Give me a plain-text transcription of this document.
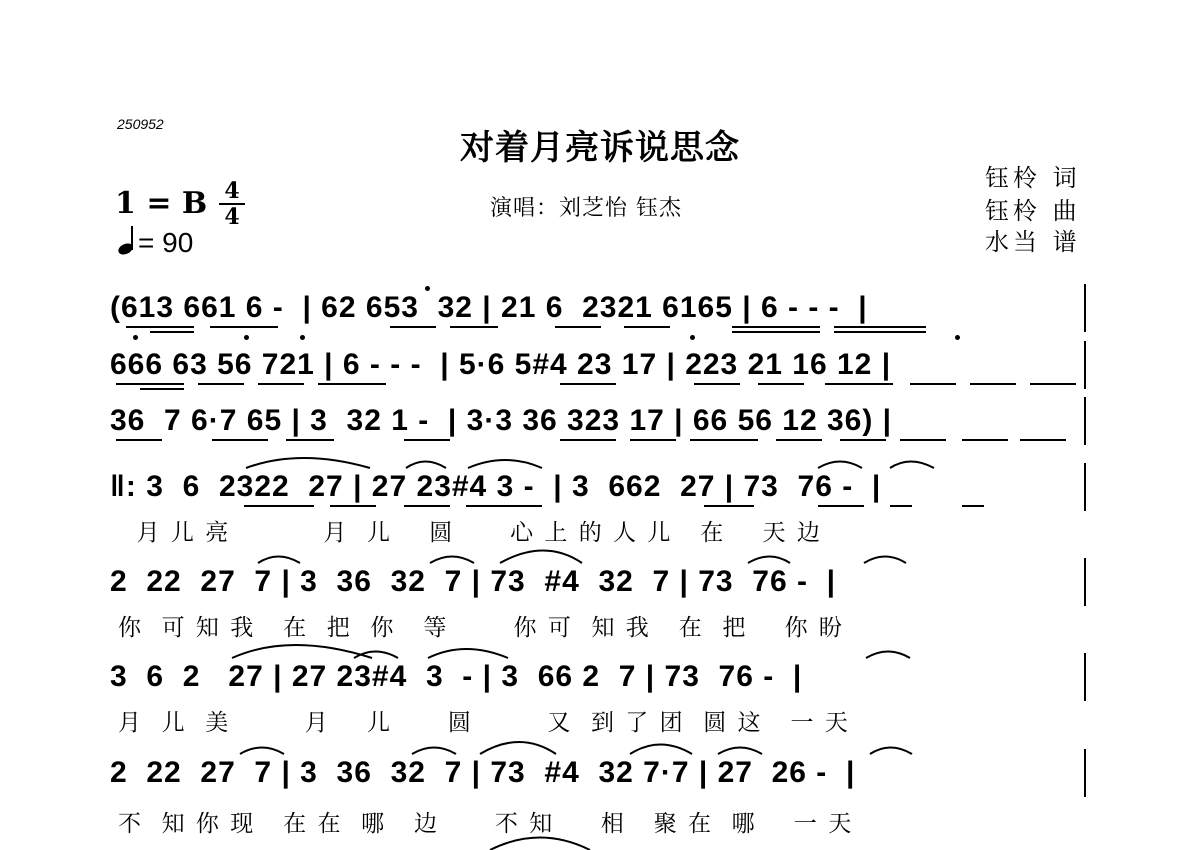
250952
对着月亮诉说思念
1 = B 4
4
= 90
演唱：刘芝怡 钰杰
钰柃 词
钰柃 曲
水当 谱
(613 661 6 -  | 62 653  32 | 21 6  2321 6165 | 6 - - -  |
666 63 56 721 | 6 - - -  | 5·6 5#4 23 17 | 223 21 16 12 |
36  7 6·7 65 | 3  32 1 -  | 3·3 36 323 17 | 66 56 12 36) |
‖: 3  6  2322  27 | 27 23#4 3 -  | 3  662  27 | 73  76 -  |
月 儿 亮          月  儿    圆      心 上 的 人 儿   在    天 边
2  22  27  7 | 3  36  32  7 | 73  #4  32  7 | 73  76 -  |
你  可 知 我   在  把  你   等       你 可  知 我   在  把    你 盼
3  6  2   27 | 27 23#4  3  - | 3  66 2  7 | 73  76 -  |
月  儿  美        月    儿      圆        又  到 了 团  圆 这   一 天
2  22  27  7 | 3  36  32  7 | 73  #4  32 7·7 | 27  26 -  |
不  知 你 现   在 在  哪   边      不 知     相   聚 在  哪    一 天
